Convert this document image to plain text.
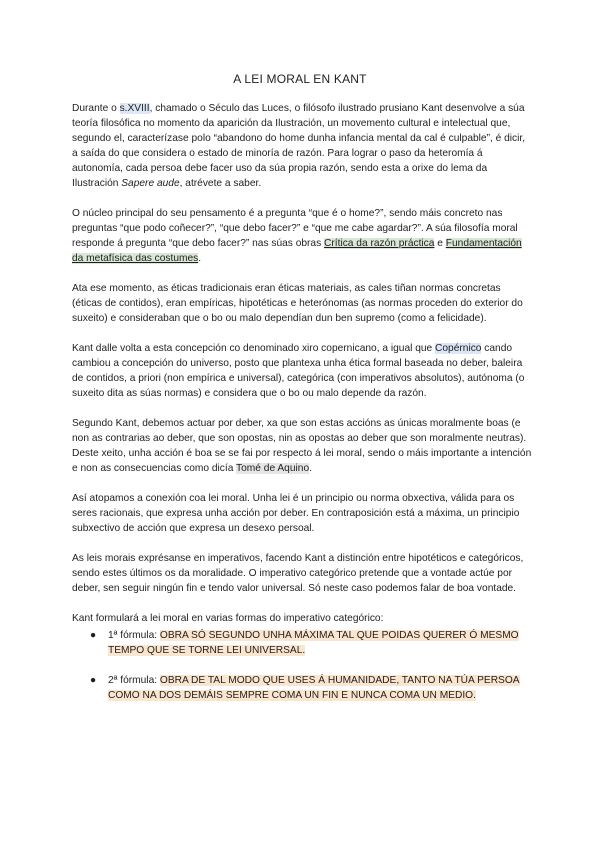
A LEI MORAL EN KANT

Durante o s.XVIII, chamado o Século das Luces, o filósofo ilustrado prusiano Kant desenvolve a súa teoría filosófica no momento da aparición da Ilustración, un movemento cultural e intelectual que, segundo el, caracterízase polo “abandono do home dunha infancia mental da cal é culpable”, é dicir, a saída do que considera o estado de minoría de razón. Para lograr o paso da heteromía á autonomía, cada persoa debe facer uso da súa propia razón, sendo esta a orixe do lema da Ilustración Sapere aude, atrévete a saber.

O núcleo principal do seu pensamento é a pregunta “que é o home?”, sendo máis concreto nas preguntas “que podo coñecer?”, “que debo facer?” e “que me cabe agardar?”. A súa filosofía moral responde á pregunta “que debo facer?” nas súas obras Crítica da razón práctica e Fundamentación da metafísica das costumes.

Ata ese momento, as éticas tradicionais eran éticas materiais, as cales tiñan normas concretas (éticas de contidos), eran empíricas, hipotéticas e heterónomas (as normas proceden do exterior do suxeito) e consideraban que o bo ou malo dependían dun ben supremo (como a felicidade).

Kant dalle volta a esta concepción co denominado xiro copernicano, a igual que Copérnico cando cambiou a concepción do universo, posto que plantexa unha ética formal baseada no deber, baleira de contidos, a priori (non empírica e universal), categórica (con imperativos absolutos), autónoma (o suxeito dita as súas normas) e considera que o bo ou malo depende da razón.

Segundo Kant, debemos actuar por deber, xa que son estas accións as únicas moralmente boas (e non as contrarias ao deber, que son opostas, nin as opostas ao deber que son moralmente neutras). Deste xeito, unha acción é boa se se fai por respecto á lei moral, sendo o máis importante a intención e non as consecuencias como dicía Tomé de Aquino.

Así atopamos a conexión coa lei moral. Unha lei é un principio ou norma obxectiva, válida para os seres racionais, que expresa unha acción por deber. En contraposición está a máxima, un principio subxectivo de acción que expresa un desexo persoal.

As leis morais exprésanse en imperativos, facendo Kant a distinción entre hipotéticos e categóricos, sendo estes últimos os da moralidade. O imperativo categórico pretende que a vontade actúe por deber, sen seguir ningún fin e tendo valor universal. Só neste caso podemos falar de boa vontade.

Kant formulará a lei moral en varias formas do imperativo categórico:

● 1ª fórmula: OBRA SÓ SEGUNDO UNHA MÁXIMA TAL QUE POIDAS QUERER Ó MESMO TEMPO QUE SE TORNE LEI UNIVERSAL.
● 2ª fórmula: OBRA DE TAL MODO QUE USES Á HUMANIDADE, TANTO NA TÚA PERSOA COMO NA DOS DEMÁIS SEMPRE COMA UN FIN E NUNCA COMA UN MEDIO.
